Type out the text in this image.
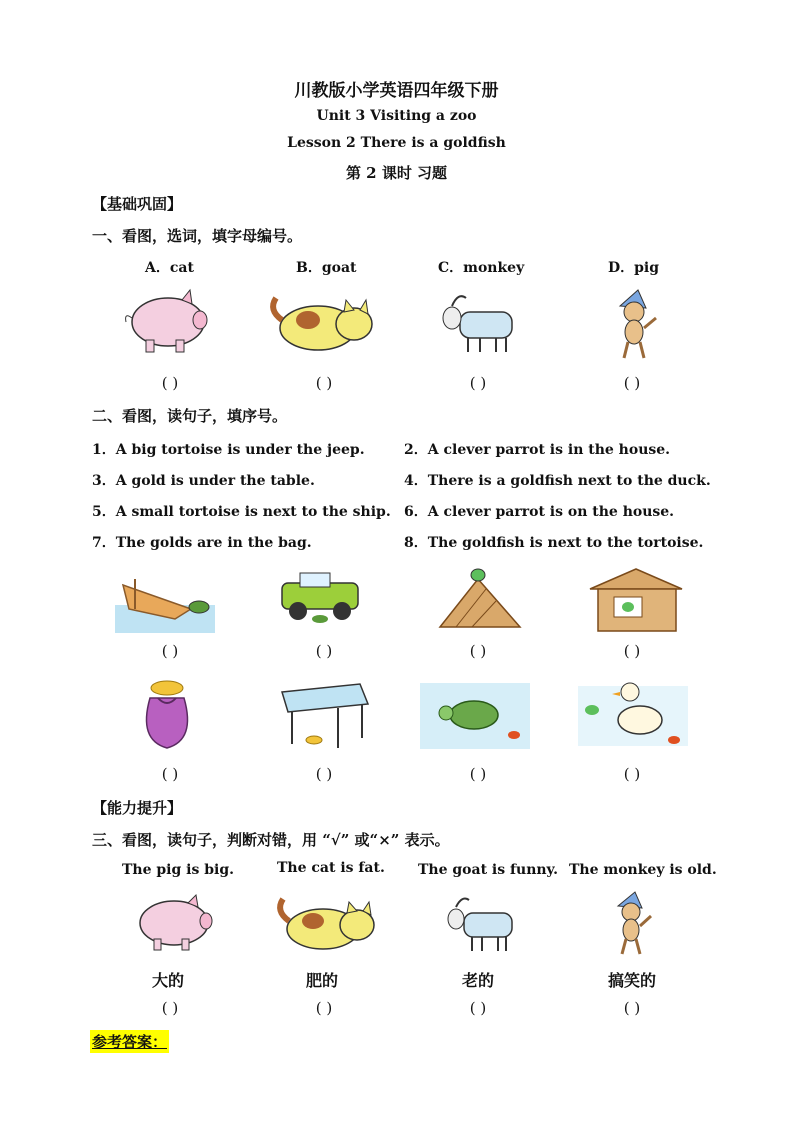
川教版小学英语四年级下册
Unit 3 Visiting a zoo
Lesson 2 There is a goldfish
第 2 课时 习题
【基础巩固】
一、看图，选词，填字母编号。
A．cat	B．goat	C．monkey	D．pig
( )	( )	( )	( )
二、看图，读句子，填序号。
1．A big tortoise is under the jeep.	2．A clever parrot is in the house.
3．A gold is under the table.	4．There is a goldfish next to the duck.
5．A small tortoise is next to the ship. 6．A clever parrot is on the house.
7．The golds are in the bag.	8．The goldfish is next to the tortoise.
( )	( )	( )	( )
( )	( )	( )	( )
【能力提升】
三、看图，读句子，判断对错，用 “√” 或“×” 表示。
The pig is big.	The cat is fat. The goat is funny. The monkey is old.
大的	肥的	老的	搞笑的
( )	( )	( )	( )
参考答案：
